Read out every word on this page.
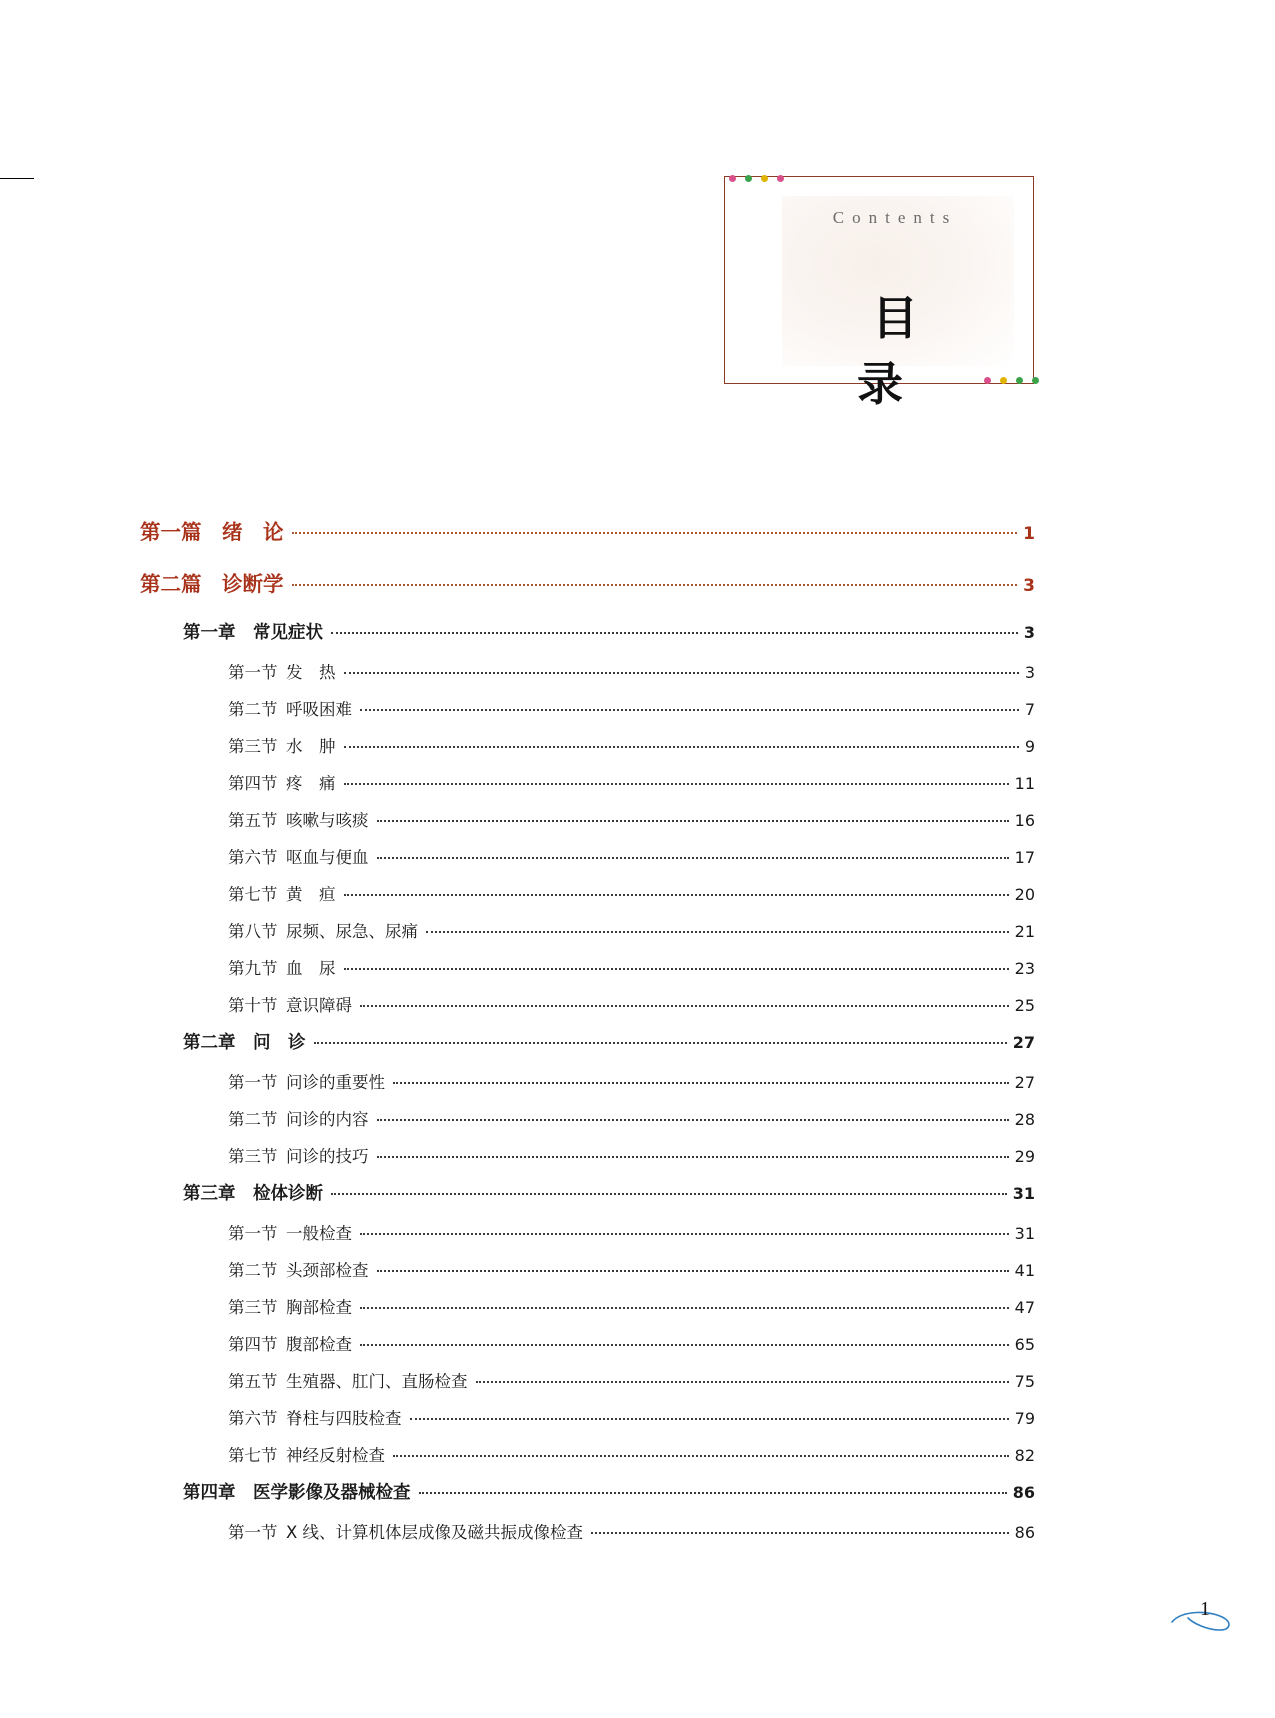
Contents
目　录
第一篇　绪　论	1
第二篇　诊断学	3
第一章　常见症状	3
第一节 发　热	3
第二节 呼吸困难	7
第三节 水　肿	9
第四节 疼　痛	11
第五节 咳嗽与咳痰	16
第六节 呕血与便血	17
第七节 黄　疸	20
第八节 尿频、尿急、尿痛	21
第九节 血　尿	23
第十节 意识障碍	25
第二章　问　诊	27
第一节 问诊的重要性	27
第二节 问诊的内容	28
第三节 问诊的技巧	29
第三章　检体诊断	31
第一节 一般检查	31
第二节 头颈部检查	41
第三节 胸部检查	47
第四节 腹部检查	65
第五节 生殖器、肛门、直肠检查	75
第六节 脊柱与四肢检查	79
第七节 神经反射检查	82
第四章　医学影像及器械检查	86
第一节 X 线、计算机体层成像及磁共振成像检查	86
1
